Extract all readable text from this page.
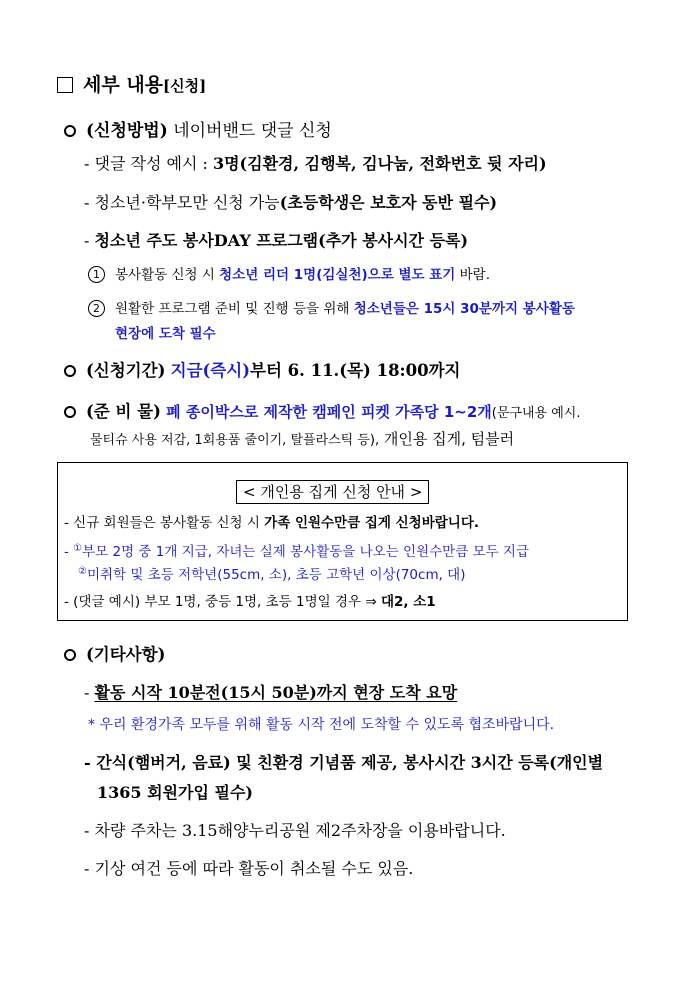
세부 내용[신청]
(신청방법) 네이버밴드 댓글 신청
- 댓글 작성 예시 : 3명(김환경, 김행복, 김나눔, 전화번호 뒷 자리)
- 청소년·학부모만 신청 가능(초등학생은 보호자 동반 필수)
- 청소년 주도 봉사DAY 프로그램(추가 봉사시간 등록)
1 봉사활동 신청 시 청소년 리더 1명(김실천)으로 별도 표기 바람.
2 원활한 프로그램 준비 및 진행 등을 위해 청소년들은 15시 30분까지 봉사활동
현장에 도착 필수
(신청기간) 지금(즉시)부터 6. 11.(목) 18:00까지
(준 비 물) 폐 종이박스로 제작한 캠페인 피켓 가족당 1~2개(문구내용 예시.
물티슈 사용 저감, 1회용품 줄이기, 탈플라스틱 등), 개인용 집게, 텀블러
< 개인용 집게 신청 안내 >
- 신규 회원들은 봉사활동 신청 시 가족 인원수만큼 집게 신청바랍니다.
- ①부모 2명 중 1개 지급, 자녀는 실제 봉사활동을 나오는 인원수만큼 모두 지급
②미취학 및 초등 저학년(55cm, 소), 초등 고학년 이상(70cm, 대)
- (댓글 예시) 부모 1명, 중등 1명, 초등 1명일 경우 ⇒ 대2, 소1
(기타사항)
- 활동 시작 10분전(15시 50분)까지 현장 도착 요망
* 우리 환경가족 모두를 위해 활동 시작 전에 도착할 수 있도록 협조바랍니다.
- 간식(햄버거, 음료) 및 친환경 기념품 제공, 봉사시간 3시간 등록(개인별
1365 회원가입 필수)
- 차량 주차는 3.15해양누리공원 제2주차장을 이용바랍니다.
- 기상 여건 등에 따라 활동이 취소될 수도 있음.
